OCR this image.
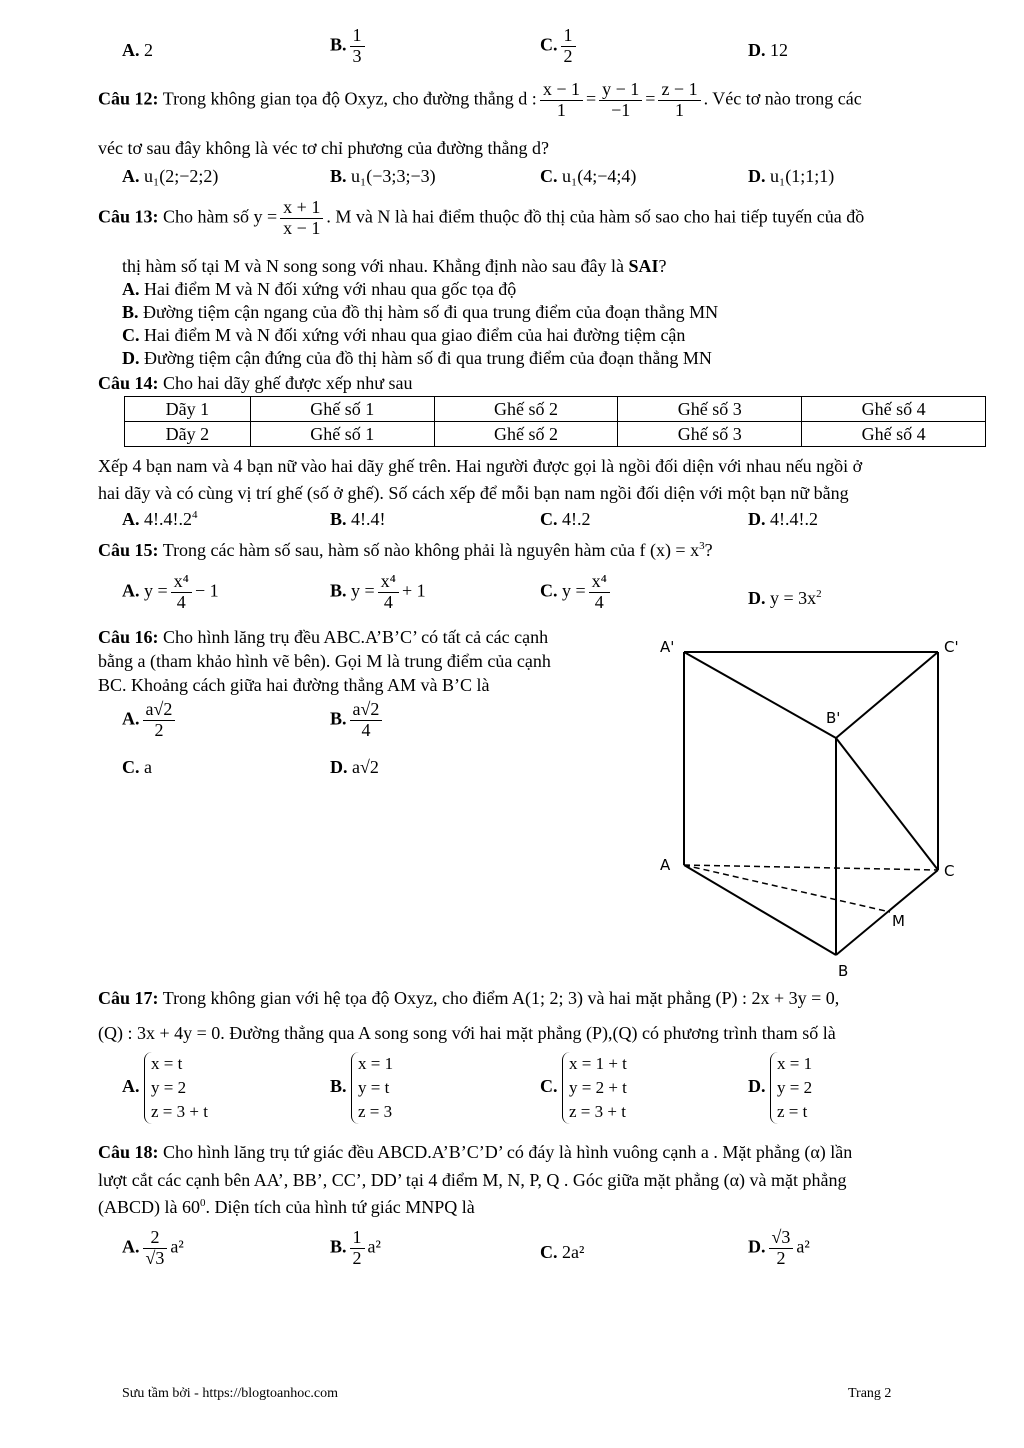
A. 2	B. $\frac{1}{3}$	C. $\frac{1}{2}$	D. 12
Câu 12: Trong không gian tọa độ Oxyz, cho đường thẳng d : $\frac{x - 1}{1} = \frac{y - 1}{-1} = \frac{z - 1}{1}$ . Véc tơ nào trong các
véc tơ sau đây không là véc tơ chỉ phương của đường thẳng d?
A. u₁(2;−2;2)	B. u₁(−3;3;−3)	C. u₁(4;−4;4)	D. u₁(1;1;1)
Câu 13: Cho hàm số $y = \frac{x + 1}{x - 1}$ . M và N là hai điểm thuộc đồ thị của hàm số sao cho hai tiếp tuyến của đồ
thị hàm số tại M và N song song với nhau. Khẳng định nào sau đây là SAI?
A. Hai điểm M và N đối xứng với nhau qua gốc tọa độ
B. Đường tiệm cận ngang của đồ thị hàm số đi qua trung điểm của đoạn thẳng MN
C. Hai điểm M và N đối xứng với nhau qua giao điểm của hai đường tiệm cận
D. Đường tiệm cận đứng của đồ thị hàm số đi qua trung điểm của đoạn thẳng MN
Câu 14: Cho hai dãy ghế được xếp như sau
Dãy 1	Ghế số 1	Ghế số 2	Ghế số 3	Ghế số 4
Dãy 2	Ghế số 1	Ghế số 2	Ghế số 3	Ghế số 4
Xếp 4 bạn nam và 4 bạn nữ vào hai dãy ghế trên. Hai người được gọi là ngồi đối diện với nhau nếu ngồi ở
hai dãy và có cùng vị trí ghế (số ở ghế). Số cách xếp để mỗi bạn nam ngồi đối diện với một bạn nữ bằng
A. $4!.4!.2^4$	B. 4!.4!	C. 4!.2	D. 4!.4!.2
Câu 15: Trong các hàm số sau, hàm số nào không phải là nguyên hàm của f $(x) = x^3$?
A. $y = \frac{\text{x⁴}}{4} - 1$	B. $y = \frac{\text{x⁴}}{4} + 1$	C. $y = \frac{\text{x⁴}}{4}$	D. $y = 3x^2$
Câu 16: Cho hình lăng trụ đều ABC.A’B’C’ có tất cả các cạnh
bằng a (tham khảo hình vẽ bên). Gọi M là trung điểm của cạnh
BC. Khoảng cách giữa hai đường thẳng AM và B’C là
A. $\frac{a√2}{2}$	B. $\frac{a√2}{4}$
C. a	D. a√2
A'	C'
B'
A	C
M
B
Câu 17: Trong không gian với hệ tọa độ Oxyz, cho điểm A(1; 2; 3) và hai mặt phẳng (P) : 2x + 3y = 0,
(Q) : 3x + 4y = 0. Đường thẳng qua A song song với hai mặt phẳng (P),(Q) có phương trình tham số là
A.
x = t
y = 2
z = 3 + t
B.
x = 1
y = t
z = 3
C.
x = 1 + t
y = 2 + t
z = 3 + t
D.
x = 1
y = 2
z = t
Câu 18: Cho hình lăng trụ tứ giác đều ABCD.A’B’C’D’ có đáy là hình vuông cạnh a . Mặt phẳng (α) lần
lượt cắt các cạnh bên AA’, BB’, CC’, DD’ tại 4 điểm M, N, P, Q . Góc giữa mặt phẳng (α) và mặt phẳng
(ABCD) là $60^0$. Diện tích của hình tứ giác MNPQ là
A. $\frac{2}{√3} a^2$	B. $\frac{1}{2} a^2$	C. 2a²	D. $\frac{√3}{2} a^2$
Sưu tầm bởi - https://blogtoanhoc.com	Trang 2
